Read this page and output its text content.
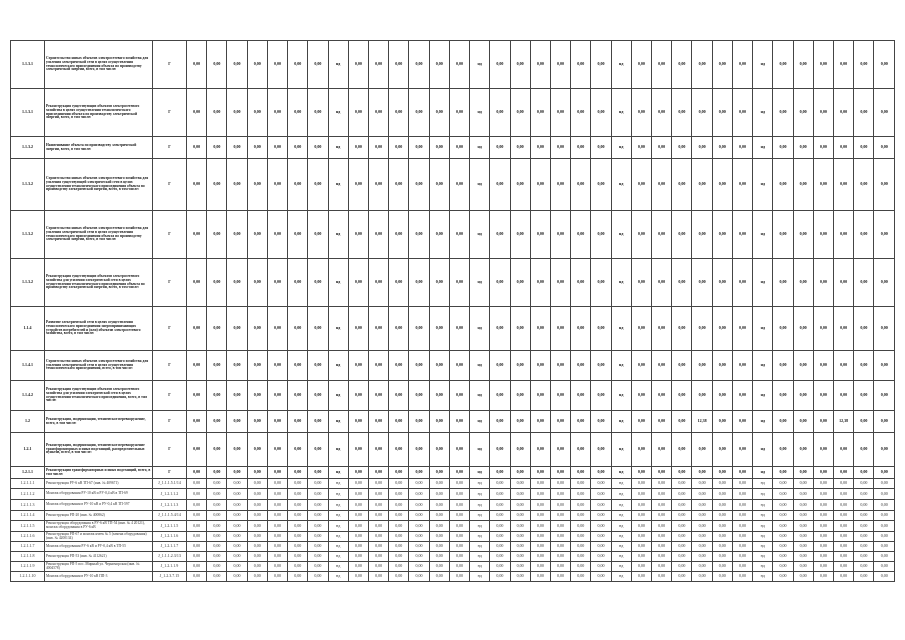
1.1.3.1	Строительство новых объектов электросетевого хозяйства для усиления электрической сети в целях осуществления технологического присоединения объекта по производству электрической энергии, всего, в том числе:	Г	0,00	0,00	0,00	0,00	0,00	0,00	0,00	нд	0,00	0,00	0,00	0,00	0,00	0,00	нд	0,00	0,00	0,00	0,00	0,00	0,00	нд	0,00	0,00	0,00	0,00	0,00	0,00	нд	0,00	0,00	0,00	0,00	0,00	0,00
1.1.3.1	Реконструкция существующих объектов электросетевого хозяйства в целях осуществления технологического присоединения объекта по производству электрической энергии, всего, в том числе:	Г	0,00	0,00	0,00	0,00	0,00	0,00	0,00	нд	0,00	0,00	0,00	0,00	0,00	0,00	нд	0,00	0,00	0,00	0,00	0,00	0,00	нд	0,00	0,00	0,00	0,00	0,00	0,00	нд	0,00	0,00	0,00	0,00	0,00	0,00
1.1.3.2	Наименование объекта по производству электрической энергии, всего, в том числе:	Г	0,00	0,00	0,00	0,00	0,00	0,00	0,00	нд	0,00	0,00	0,00	0,00	0,00	0,00	нд	0,00	0,00	0,00	0,00	0,00	0,00	нд	0,00	0,00	0,00	0,00	0,00	0,00	нд	0,00	0,00	0,00	0,00	0,00	0,00
1.1.3.2	Строительство новых объектов электросетевого хозяйства для усиления существующей электрической сети в целях осуществления технологического присоединения объекта по производству электрической энергии, всего, в том числе:	Г	0,00	0,00	0,00	0,00	0,00	0,00	0,00	нд	0,00	0,00	0,00	0,00	0,00	0,00	нд	0,00	0,00	0,00	0,00	0,00	0,00	нд	0,00	0,00	0,00	0,00	0,00	0,00	нд	0,00	0,00	0,00	0,00	0,00	0,00
1.1.3.2	Строительство новых объектов электросетевого хозяйства для усиления электрической сети в целях осуществления технологического присоединения объекта по производству электрической энергии, всего, в том числе:	Г	0,00	0,00	0,00	0,00	0,00	0,00	0,00	нд	0,00	0,00	0,00	0,00	0,00	0,00	нд	0,00	0,00	0,00	0,00	0,00	0,00	нд	0,00	0,00	0,00	0,00	0,00	0,00	нд	0,00	0,00	0,00	0,00	0,00	0,00
1.1.3.2	Реконструкция существующих объектов электросетевого хозяйства для усиления электрической сети в целях осуществления технологического присоединения объекта по производству электрической энергии, всего, в том числе:	Г	0,00	0,00	0,00	0,00	0,00	0,00	0,00	нд	0,00	0,00	0,00	0,00	0,00	0,00	нд	0,00	0,00	0,00	0,00	0,00	0,00	нд	0,00	0,00	0,00	0,00	0,00	0,00	нд	0,00	0,00	0,00	0,00	0,00	0,00
1.1.4	Развитие электрической сети в целях осуществления технологического присоединения энергопринимающих устройств потребителей и (или) объектов электросетевого хозяйства, всего, в том числе:	Г	0,00	0,00	0,00	0,00	0,00	0,00	0,00	нд	0,00	0,00	0,00	0,00	0,00	0,00	нд	0,00	0,00	0,00	0,00	0,00	0,00	нд	0,00	0,00	0,00	0,00	0,00	0,00	нд	0,00	0,00	0,00	0,00	0,00	0,00
1.1.4.1	Строительство новых объектов электросетевого хозяйства для усиления электрической сети в целях осуществления технологического присоединения, всего, в том числе:	Г	0,00	0,00	0,00	0,00	0,00	0,00	0,00	нд	0,00	0,00	0,00	0,00	0,00	0,00	нд	0,00	0,00	0,00	0,00	0,00	0,00	нд	0,00	0,00	0,00	0,00	0,00	0,00	нд	0,00	0,00	0,00	0,00	0,00	0,00
1.1.4.2	Реконструкция существующих объектов электросетевого хозяйства для усиления электрической сети в целях осуществления технологического присоединения, всего, в том числе:	Г	0,00	0,00	0,00	0,00	0,00	0,00	0,00	нд	0,00	0,00	0,00	0,00	0,00	0,00	нд	0,00	0,00	0,00	0,00	0,00	0,00	нд	0,00	0,00	0,00	0,00	0,00	0,00	нд	0,00	0,00	0,00	0,00	0,00	0,00
1.2	Реконструкция, модернизация, техническое перевооружение, всего, в том числе:	Г	0,00	0,00	0,00	0,00	0,00	0,00	0,00	нд	0,00	0,00	0,00	0,00	0,00	0,00	нд	0,00	0,00	0,00	0,00	0,00	0,00	нд	0,00	0,00	0,00	12,38	0,00	0,00	нд	0,00	0,00	0,00	12,38	0,00	0,00
1.2.1	Реконструкция, модернизация, техническое перевооружение трансформаторных и иных подстанций, распределительных пунктов, всего, в том числе:	Г	0,00	0,00	0,00	0,00	0,00	0,00	0,00	нд	0,00	0,00	0,00	0,00	0,00	0,00	нд	0,00	0,00	0,00	0,00	0,00	0,00	нд	0,00	0,00	0,00	0,00	0,00	0,00	нд	0,00	0,00	0,00	0,00	0,00	0,00
1.2.1.1	Реконструкция трансформаторных и иных подстанций, всего, в том числе:	Г	0,00	0,00	0,00	0,00	0,00	0,00	0,00	нд	0,00	0,00	0,00	0,00	0,00	0,00	нд	0,00	0,00	0,00	0,00	0,00	0,00	нд	0,00	0,00	0,00	0,00	0,00	0,00	нд	0,00	0,00	0,00	0,00	0,00	0,00
1.2.1.1.1	Реконструкция РУ-6 кВ ТП-67 (инв. № 409671)	J_1.1.1.5.1/14	0,00	0,00	0,00	0,00	0,00	0,00	0,00	нд	0,00	0,00	0,00	0,00	0,00	0,00	нд	0,00	0,00	0,00	0,00	0,00	0,00	нд	0,00	0,00	0,00	0,00	0,00	0,00	нд	0,00	0,00	0,00	0,00	0,00	0,00
1.2.1.1.2	Монтаж оборудования РУ-10 кВ и РУ-0,4 кВ в ТП-69	J_1.2.1.1.2	0,00	0,00	0,00	0,00	0,00	0,00	0,00	нд	0,00	0,00	0,00	0,00	0,00	0,00	нд	0,00	0,00	0,00	0,00	0,00	0,00	нд	0,00	0,00	0,00	0,00	0,00	0,00	нд	0,00	0,00	0,00	0,00	0,00	0,00
1.2.1.1.3	Монтаж оборудования в РУ-10 кВ и РУ-0,4 кВ ТП-597	J_1.2.1.1.3	0,00	0,00	0,00	0,00	0,00	0,00	0,00	нд	0,00	0,00	0,00	0,00	0,00	0,00	нд	0,00	0,00	0,00	0,00	0,00	0,00	нд	0,00	0,00	0,00	0,00	0,00	0,00	нд	0,00	0,00	0,00	0,00	0,00	0,00
1.2.1.1.4	Реконструкция РП-20 (инв. № 400862)	J_1.1.1.5.4/14	0,00	0,00	0,00	0,00	0,00	0,00	0,00	нд	0,00	0,00	0,00	0,00	0,00	0,00	нд	0,00	0,00	0,00	0,00	0,00	0,00	нд	0,00	0,00	0,00	0,00	0,00	0,00	нд	0,00	0,00	0,00	0,00	0,00	0,00
1.2.1.1.5	Реконструкция оборудования в РУ-6 кВ ТП-54 (инв. № 4 20121), монтаж оборудования в РУ-6 кВ	J_1.2.1.1.5	0,00	0,00	0,00	0,00	0,00	0,00	0,00	нд	0,00	0,00	0,00	0,00	0,00	0,00	нд	0,00	0,00	0,00	0,00	0,00	0,00	нд	0,00	0,00	0,00	0,00	0,00	0,00	нд	0,00	0,00	0,00	0,00	0,00	0,00
1.2.1.1.6	Реконструкция РП-67 и монтаж ячеек № 5 (замена оборудования) (инв. № 4200134)	J_1.2.1.1.6	0,00	0,00	0,00	0,00	0,00	0,00	0,00	нд	0,00	0,00	0,00	0,00	0,00	0,00	нд	0,00	0,00	0,00	0,00	0,00	0,00	нд	0,00	0,00	0,00	0,00	0,00	0,00	нд	0,00	0,00	0,00	0,00	0,00	0,00
1.2.1.1.7	Монтаж оборудования РУ-6 кВ и РУ-0,4 кВ в ТП-55	J_1.2.1.1.7	0,00	0,00	0,00	0,00	0,00	0,00	0,00	нд	0,00	0,00	0,00	0,00	0,00	0,00	нд	0,00	0,00	0,00	0,00	0,00	0,00	нд	0,00	0,00	0,00	0,00	0,00	0,00	нд	0,00	0,00	0,00	0,00	0,00	0,00
1.2.1.1.8	Реконструкция РП-53 (инв. № 4112621)	J_1.1.1.2.3/13	0,00	0,00	0,00	0,00	0,00	0,00	0,00	нд	0,00	0,00	0,00	0,00	0,00	0,00	нд	0,00	0,00	0,00	0,00	0,00	0,00	нд	0,00	0,00	0,00	0,00	0,00	0,00	нд	0,00	0,00	0,00	0,00	0,00	0,00
1.2.1.1.9	Реконструкция РП-5 пос. Мирный ул. Черноморская (инв. № 4004578)	J_1.2.1.1.9	0,00	0,00	0,00	0,00	0,00	0,00	0,00	нд	0,00	0,00	0,00	0,00	0,00	0,00	нд	0,00	0,00	0,00	0,00	0,00	0,00	нд	0,00	0,00	0,00	0,00	0,00	0,00	нд	0,00	0,00	0,00	0,00	0,00	0,00
1.2.1.1.10	Монтаж оборудования в РУ-10 кВ ПП-3	J_1.2.3.7.15	0,00	0,00	0,00	0,00	0,00	0,00	0,00	нд	0,00	0,00	0,00	0,00	0,00	0,00	нд	0,00	0,00	0,00	0,00	0,00	0,00	нд	0,00	0,00	0,00	0,00	0,00	0,00	нд	0,00	0,00	0,00	0,00	0,00	0,00
